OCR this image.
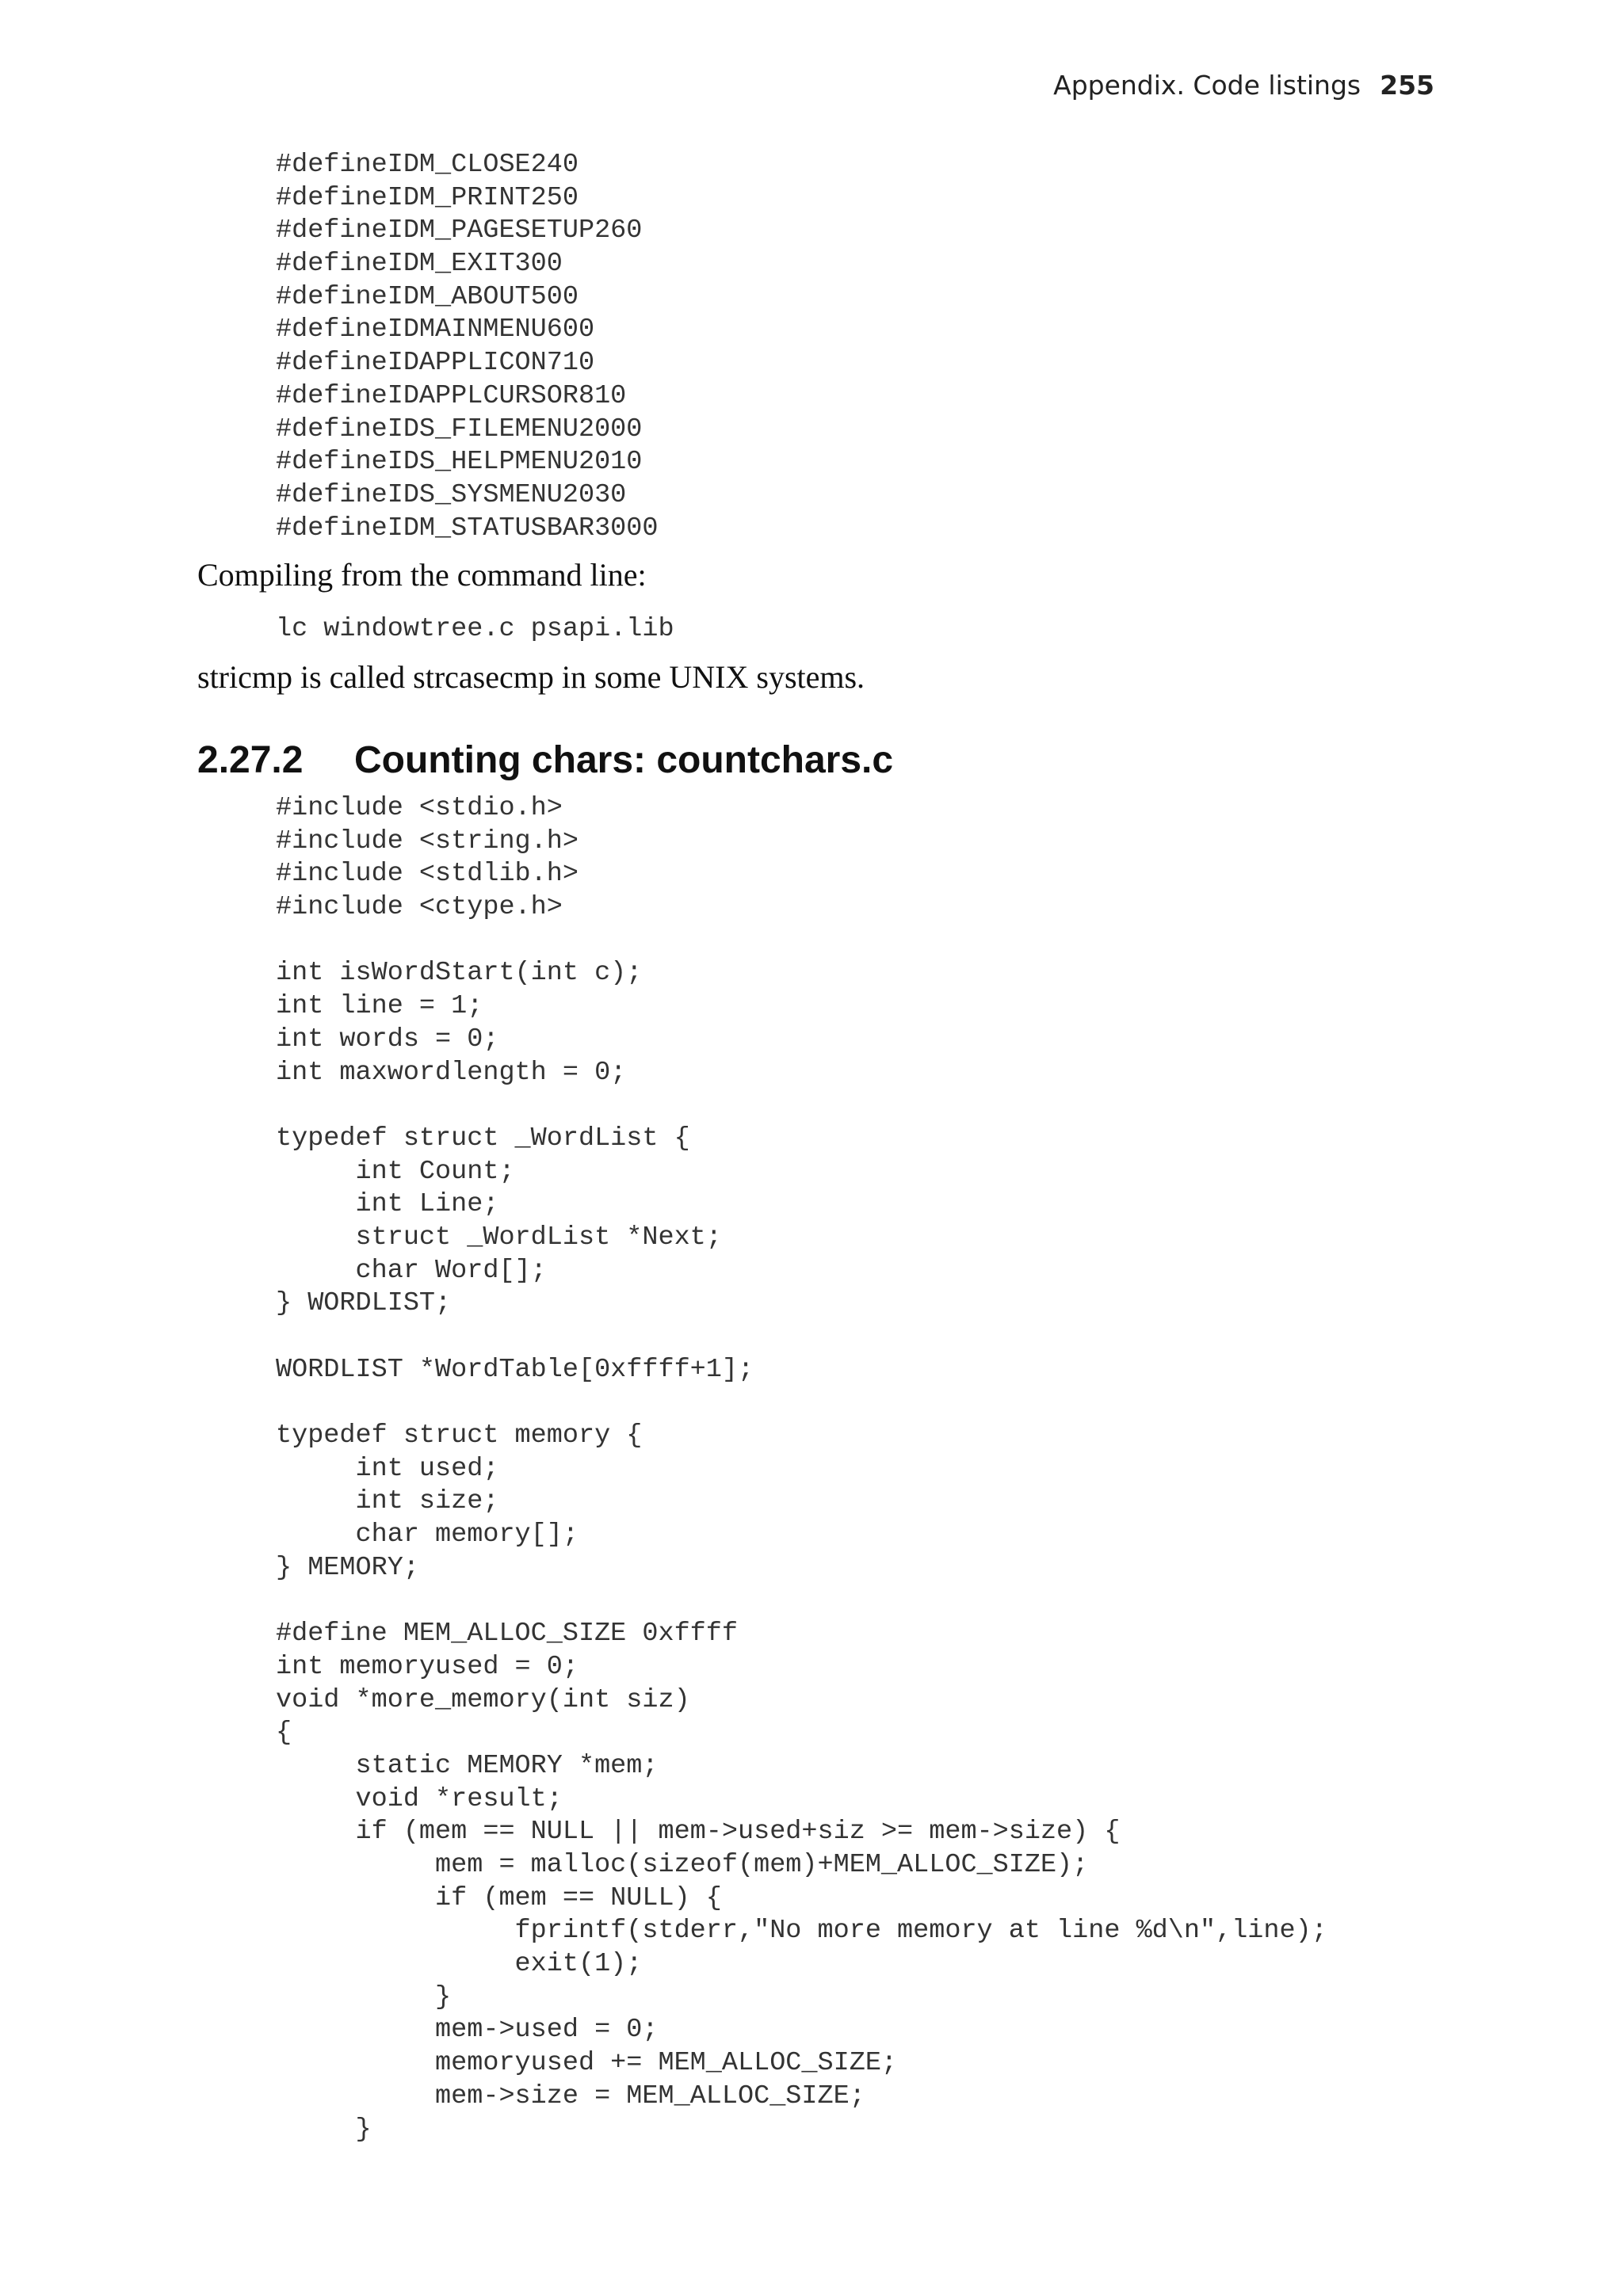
Appendix. Code listings 255
#defineIDM_CLOSE240
#defineIDM_PRINT250
#defineIDM_PAGESETUP260
#defineIDM_EXIT300
#defineIDM_ABOUT500
#defineIDMAINMENU600
#defineIDAPPLICON710
#defineIDAPPLCURSOR810
#defineIDS_FILEMENU2000
#defineIDS_HELPMENU2010
#defineIDS_SYSMENU2030
#defineIDM_STATUSBAR3000

Compiling from the command line:

lc windowtree.c psapi.lib

stricmp is called strcasecmp in some UNIX systems.

2.27.2 Counting chars: countchars.c
#include <stdio.h>
#include <string.h>
#include <stdlib.h>
#include <ctype.h>
int isWordStart(int c);
int line = 1;
int words = 0;
int maxwordlength = 0;
typedef struct _WordList {
int Count;
int Line;
struct _WordList *Next;
char Word[];
} WORDLIST;
WORDLIST *WordTable[0xffff+1];
typedef struct memory {
int used;
int size;
char memory[];
} MEMORY;
#define MEM_ALLOC_SIZE 0xffff
int memoryused = 0;
void *more_memory(int siz)
{
static MEMORY *mem;
void *result;
if (mem == NULL || mem->used+siz >= mem->size) {
mem = malloc(sizeof(mem)+MEM_ALLOC_SIZE);
if (mem == NULL) {
fprintf(stderr,"No more memory at line %d\n",line);
exit(1);
}
mem->used = 0;
memoryused += MEM_ALLOC_SIZE;
mem->size = MEM_ALLOC_SIZE;
}
